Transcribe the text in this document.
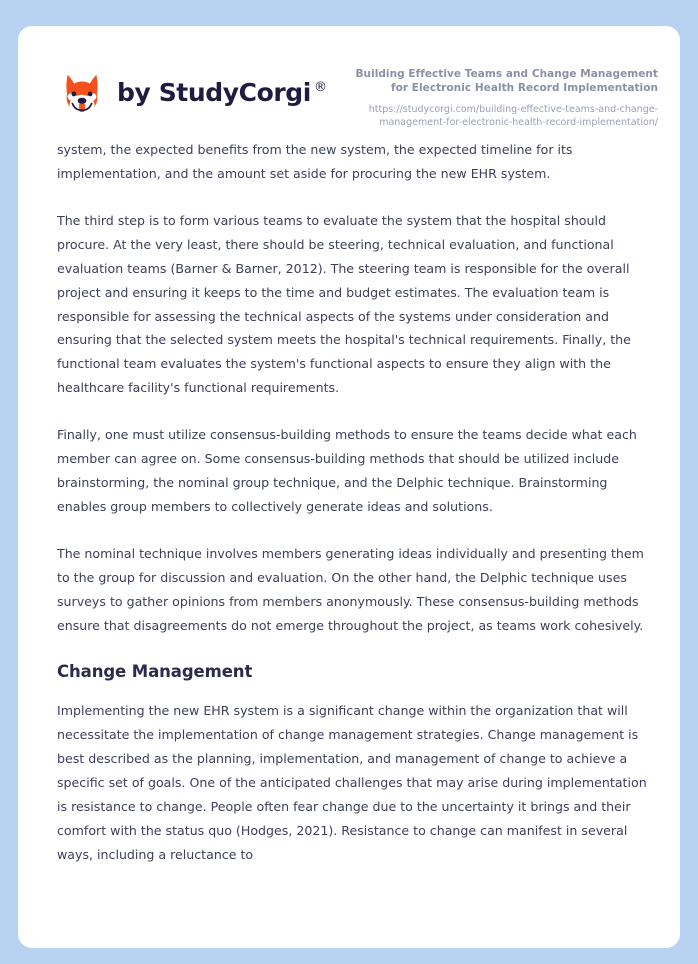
by StudyCorgi ®
Building Effective Teams and Change Management for Electronic Health Record Implementation
https://studycorgi.com/building-effective-teams-and-change-management-for-electronic-health-record-implementation/

system, the expected benefits from the new system, the expected timeline for its implementation, and the amount set aside for procuring the new EHR system.

The third step is to form various teams to evaluate the system that the hospital should procure. At the very least, there should be steering, technical evaluation, and functional evaluation teams (Barner & Barner, 2012). The steering team is responsible for the overall project and ensuring it keeps to the time and budget estimates. The evaluation team is responsible for assessing the technical aspects of the systems under consideration and ensuring that the selected system meets the hospital's technical requirements. Finally, the functional team evaluates the system's functional aspects to ensure they align with the healthcare facility's functional requirements.

Finally, one must utilize consensus-building methods to ensure the teams decide what each member can agree on. Some consensus-building methods that should be utilized include brainstorming, the nominal group technique, and the Delphic technique. Brainstorming enables group members to collectively generate ideas and solutions.

The nominal technique involves members generating ideas individually and presenting them to the group for discussion and evaluation. On the other hand, the Delphic technique uses surveys to gather opinions from members anonymously. These consensus-building methods ensure that disagreements do not emerge throughout the project, as teams work cohesively.

Change Management

Implementing the new EHR system is a significant change within the organization that will necessitate the implementation of change management strategies. Change management is best described as the planning, implementation, and management of change to achieve a specific set of goals. One of the anticipated challenges that may arise during implementation is resistance to change. People often fear change due to the uncertainty it brings and their comfort with the status quo (Hodges, 2021). Resistance to change can manifest in several ways, including a reluctance to
